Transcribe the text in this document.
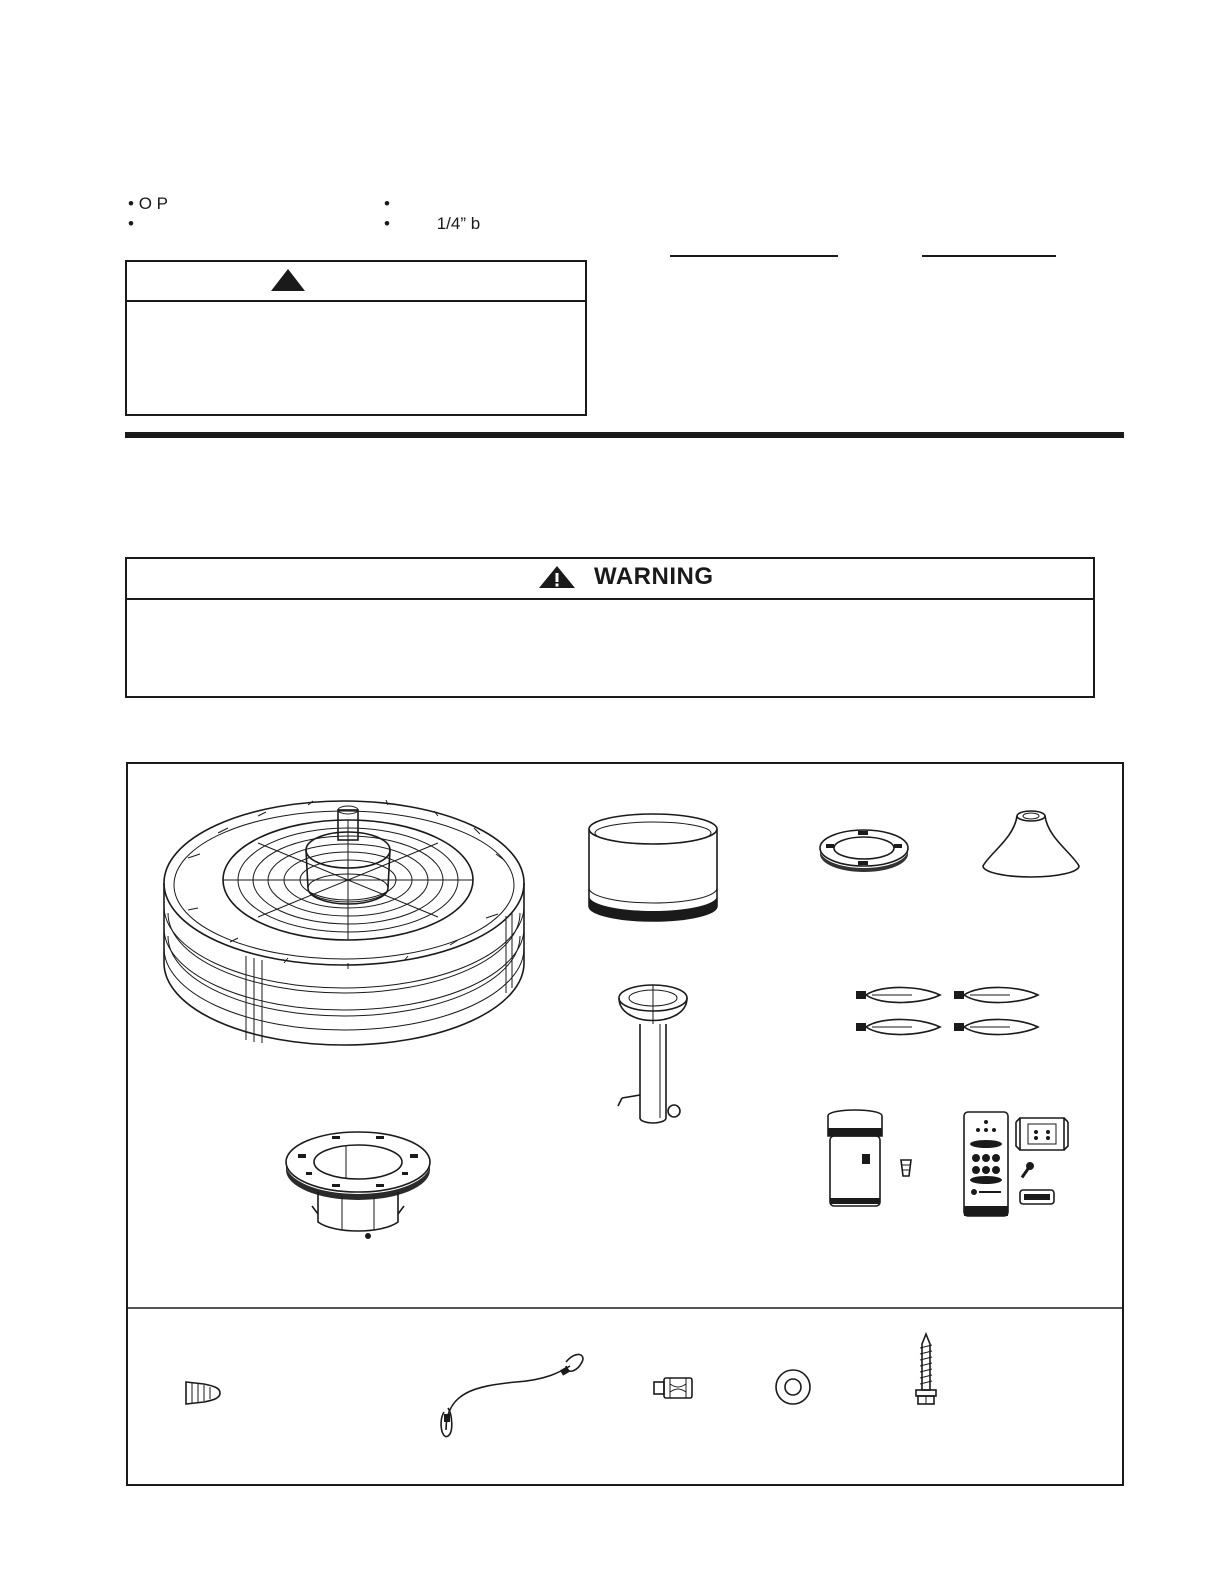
• O P
•
•
•	1/4” b
WARNING
